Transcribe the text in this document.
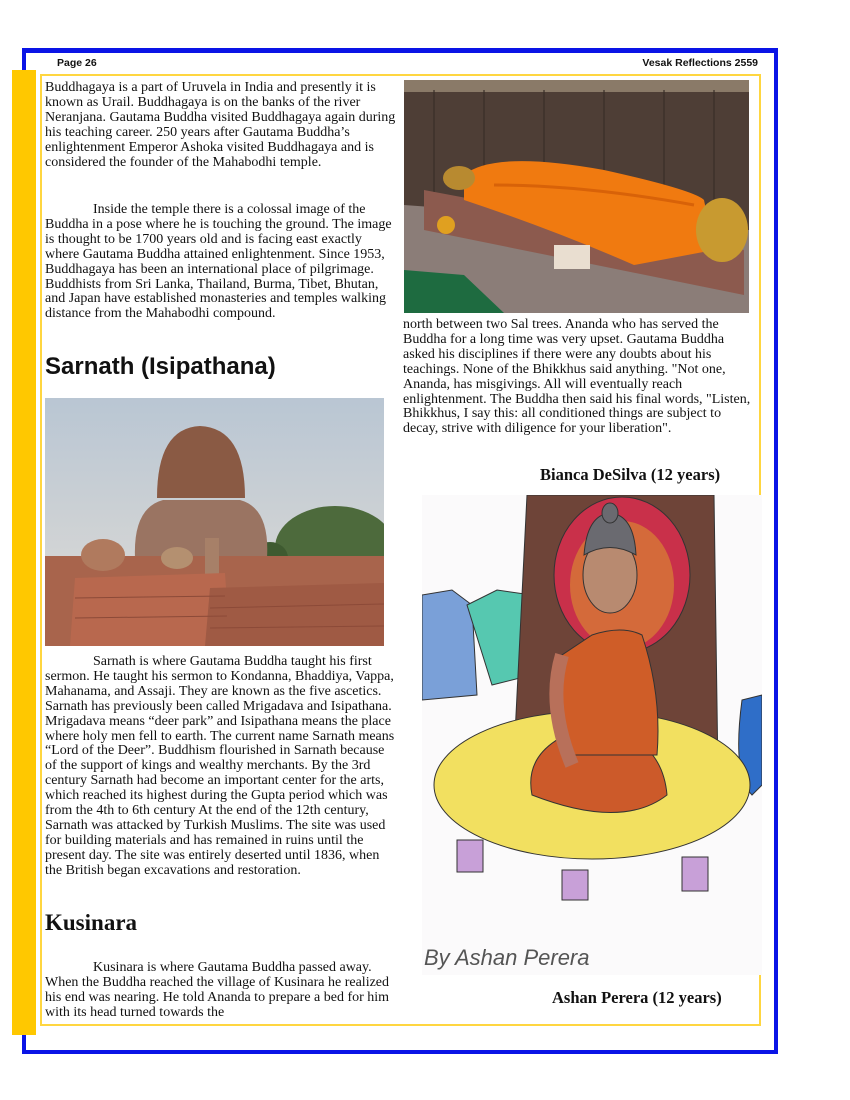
Page 26	Vesak Reflections 2559

Buddhagaya is a part of Uruvela in India and presently it is known as Urail. Buddhagaya is on the banks of the river Neranjana. Gautama Buddha visited Buddhagaya again during his teaching career. 250 years after Gautama Buddha’s enlightenment Emperor Ashoka visited Buddhagaya and is considered the founder of the Mahabodhi temple.

Inside the temple there is a colossal image of the Buddha in a pose where he is touching the ground. The image is thought to be 1700 years old and is facing east exactly where Gautama Buddha attained enlightenment. Since 1953, Buddhagaya has been an international place of pilgrimage. Buddhists from Sri Lanka, Thailand, Burma, Tibet, Bhutan, and Japan have established monasteries and temples walking distance from the Mahabodhi compound.

Sarnath (Isipathana)

Sarnath is where Gautama Buddha taught his first sermon. He taught his sermon to Kondanna, Bhaddiya, Vappa, Mahanama, and Assaji. They are known as the five ascetics. Sarnath has previously been called Mrigadava and Isipathana. Mrigadava means “deer park” and Isipathana means the place where holy men fell to earth. The current name Sarnath means “Lord of the Deer”. Buddhism flourished in Sarnath because of the support of kings and wealthy merchants. By the 3rd century Sarnath had become an important center for the arts, which reached its highest during the Gupta period which was from the 4th to 6th century At the end of the 12th century, Sarnath was attacked by Turkish Muslims. The site was used for building materials and has remained in ruins until the present day. The site was entirely deserted until 1836, when the British began excavations and restoration.

Kusinara

Kusinara is where Gautama Buddha passed away. When the Buddha reached the village of Kusinara he realized his end was nearing. He told Ananda to prepare a bed for him with its head turned towards the

north between two Sal trees. Ananda who has served the Buddha for a long time was very upset. Gautama Buddha asked his disciplines if there were any doubts about his teachings. None of the Bhikkhus said anything. "Not one, Ananda, has misgivings. All will eventually reach enlightenment. The Buddha then said his final words, "Listen, Bhikkhus, I say this: all conditioned things are subject to decay, strive with diligence for your liberation".

Bianca DeSilva (12 years)
By Ashan Perera
Ashan Perera (12 years)
